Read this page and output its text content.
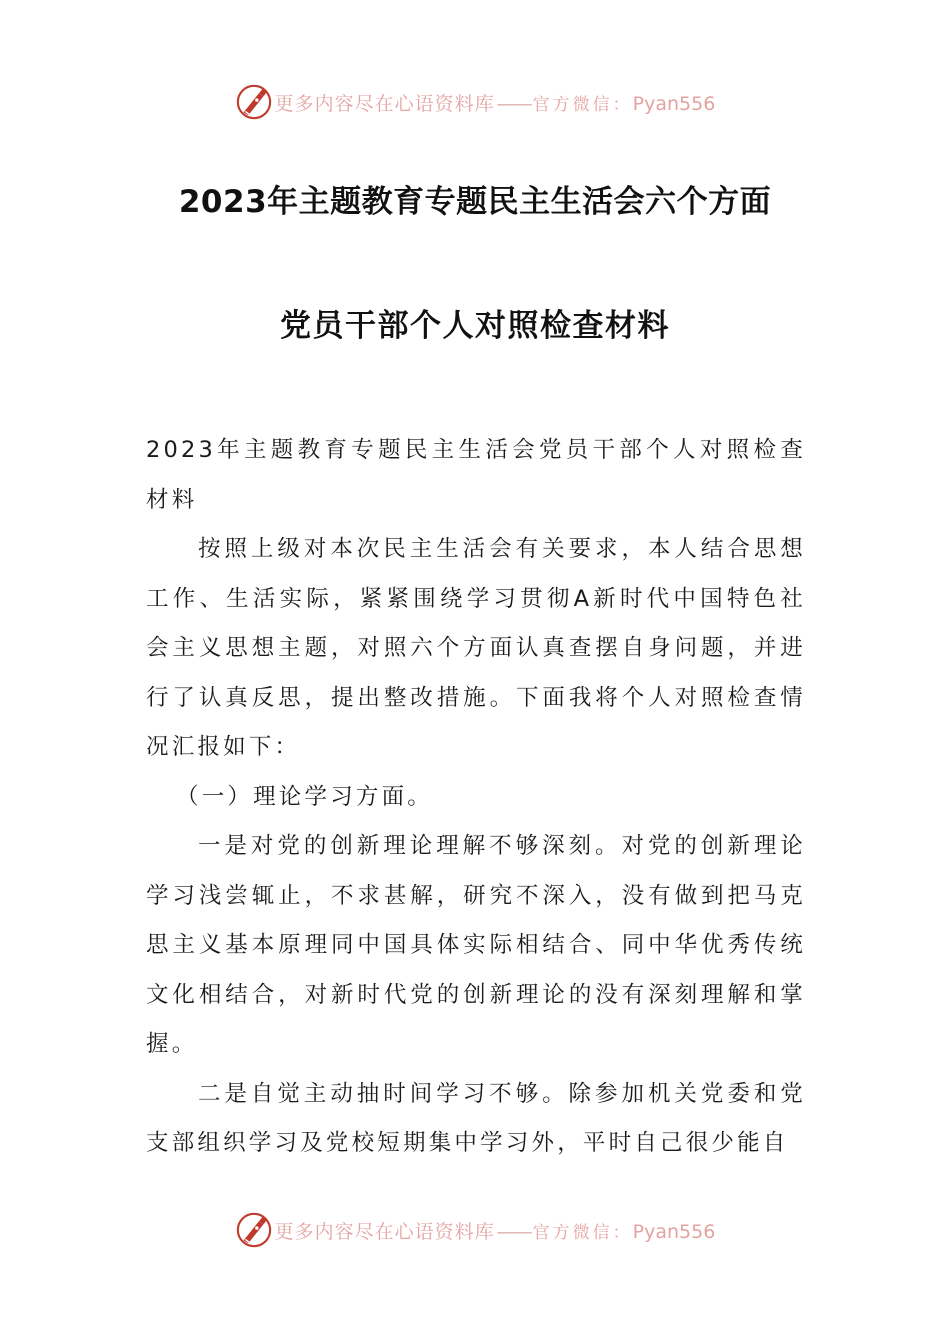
更多内容尽在心语资料库 —— 官方微信：Pyan556
2023年主题教育专题民主生活会六个方面
党员干部个人对照检查材料

2023年主题教育专题民主生活会党员干部个人对照检查材料

按照上级对本次民主生活会有关要求，本人结合思想工作、生活实际，紧紧围绕学习贯彻A新时代中国特色社会主义思想主题，对照六个方面认真查摆自身问题，并进行了认真反思，提出整改措施。下面我将个人对照检查情况汇报如下：

（一）理论学习方面。

一是对党的创新理论理解不够深刻。对党的创新理论学习浅尝辄止，不求甚解，研究不深入，没有做到把马克思主义基本原理同中国具体实际相结合、同中华优秀传统文化相结合，对新时代党的创新理论的没有深刻理解和掌握。

二是自觉主动抽时间学习不够。除参加机关党委和党支部组织学习及党校短期集中学习外，平时自己很少能自

更多内容尽在心语资料库 —— 官方微信：Pyan556
